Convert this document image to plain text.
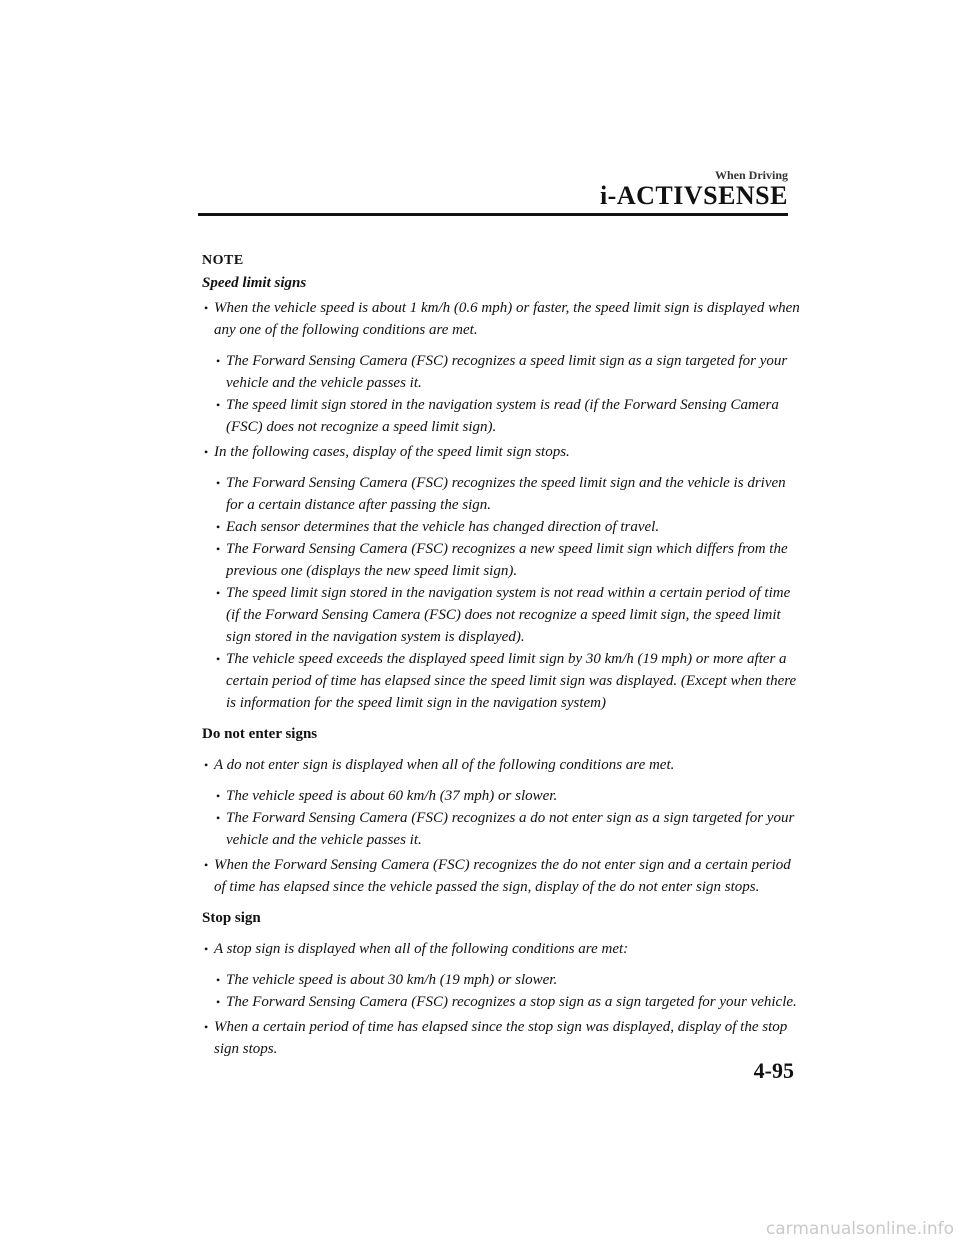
When Driving
i-ACTIVSENSE
NOTE
Speed limit signs
• When the vehicle speed is about 1 km/h (0.6 mph) or faster, the speed limit sign is displayed when any one of the following conditions are met.
• The Forward Sensing Camera (FSC) recognizes a speed limit sign as a sign targeted for your vehicle and the vehicle passes it.
• The speed limit sign stored in the navigation system is read (if the Forward Sensing Camera (FSC) does not recognize a speed limit sign).
• In the following cases, display of the speed limit sign stops.
• The Forward Sensing Camera (FSC) recognizes the speed limit sign and the vehicle is driven for a certain distance after passing the sign.
• Each sensor determines that the vehicle has changed direction of travel.
• The Forward Sensing Camera (FSC) recognizes a new speed limit sign which differs from the previous one (displays the new speed limit sign).
• The speed limit sign stored in the navigation system is not read within a certain period of time (if the Forward Sensing Camera (FSC) does not recognize a speed limit sign, the speed limit sign stored in the navigation system is displayed).
• The vehicle speed exceeds the displayed speed limit sign by 30 km/h (19 mph) or more after a certain period of time has elapsed since the speed limit sign was displayed. (Except when there is information for the speed limit sign in the navigation system)
Do not enter signs
• A do not enter sign is displayed when all of the following conditions are met.
• The vehicle speed is about 60 km/h (37 mph) or slower.
• The Forward Sensing Camera (FSC) recognizes a do not enter sign as a sign targeted for your vehicle and the vehicle passes it.
• When the Forward Sensing Camera (FSC) recognizes the do not enter sign and a certain period of time has elapsed since the vehicle passed the sign, display of the do not enter sign stops.
Stop sign
• A stop sign is displayed when all of the following conditions are met:
• The vehicle speed is about 30 km/h (19 mph) or slower.
• The Forward Sensing Camera (FSC) recognizes a stop sign as a sign targeted for your vehicle.
• When a certain period of time has elapsed since the stop sign was displayed, display of the stop sign stops.
4-95
carmanualsonline.info
